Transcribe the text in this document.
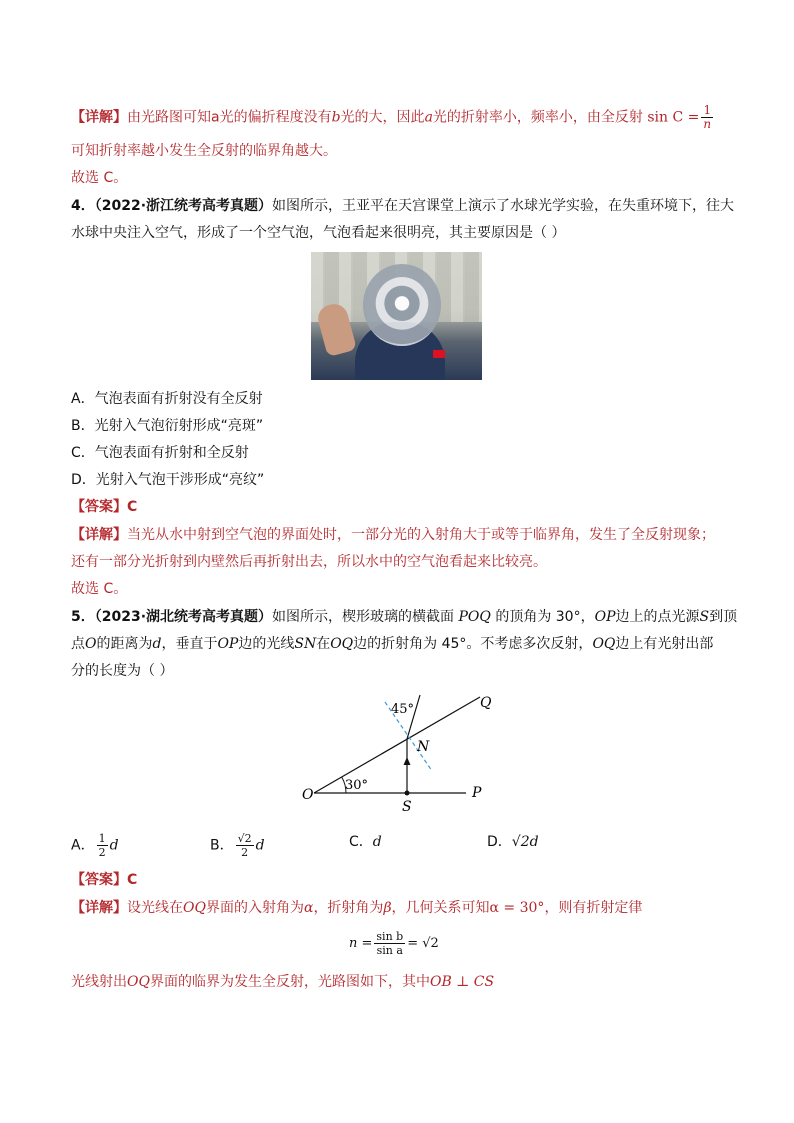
【详解】由光路图可知a光的偏折程度没有b光的大，因此a光的折射率小，频率小，由全反射 $\sin C = \frac{1}{n}$
可知折射率越小发生全反射的临界角越大。
故选 C。
4．（2022·浙江统考高考真题）如图所示，王亚平在天宫课堂上演示了水球光学实验，在失重环境下，往大
水球中央注入空气，形成了一个空气泡，气泡看起来很明亮，其主要原因是（ ）
A．气泡表面有折射没有全反射
B．光射入气泡衍射形成“亮斑”
C．气泡表面有折射和全反射
D．光射入气泡干涉形成“亮纹”
【答案】C
【详解】当光从水中射到空气泡的界面处时，一部分光的入射角大于或等于临界角，发生了全反射现象；
还有一部分光折射到内壁然后再折射出去，所以水中的空气泡看起来比较亮。
故选 C。
5．（2023·湖北统考高考真题）如图所示，楔形玻璃的横截面 POQ 的顶角为 30°，OP边上的点光源S到顶
点O的距离为d，垂直于OP边的光线SN在OQ边的折射角为 45°。不考虑多次反射，OQ边上有光射出部
分的长度为（ ）
O	P
Q
S
N
45°
30°
A． $\frac{1}{2}$ d	B． $\frac{√2}{2}$ d	C．d	D．√2d
【答案】C
【详解】设光线在OQ界面的入射角为α，折射角为β，几何关系可知α = 30°，则有折射定律
$n = \frac{\text{sin b}}{\text{sin a}} = √2$
光线射出OQ界面的临界为发生全反射，光路图如下，其中OB ⊥ CS
